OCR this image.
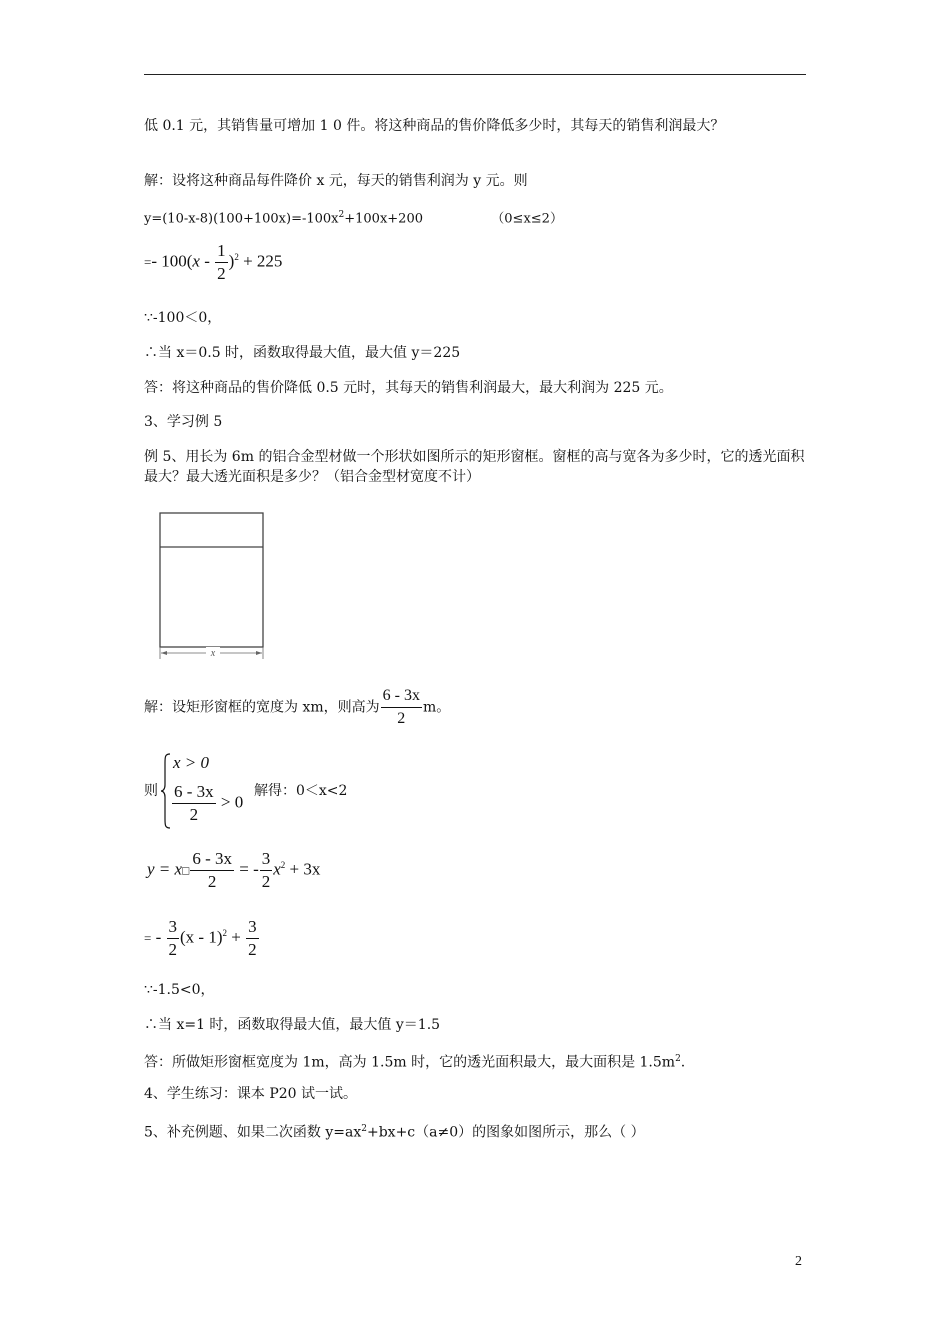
低 0.1 元，其销售量可增加 1 0 件。将这种商品的售价降低多少时，其每天的销售利润最大？
解：设将这种商品每件降价 x 元，每天的销售利润为 y 元。则
$y=(10-x-8)(100+100x)=-100x^2+100x+200$	（0≤x≤2）
=- $100(x - \frac{1}{2} )^2 + 225$
∵-100＜0，
∴当 x＝0.5 时，函数取得最大值，最大值 y＝225
答：将这种商品的售价降低 0.5 元时，其每天的销售利润最大，最大利润为 225 元。
3、学习例 5
例 5、用长为 6m 的铝合金型材做一个形状如图所示的矩形窗框。窗框的高与宽各为多少时，它的透光面积最大？最大透光面积是多少？（铝合金型材宽度不计）
x
解：设矩形窗框的宽度为 xm，则高为 $\frac{6 - 3x}{2}$ m。
则
x > 0
$\frac{6 - 3x}{2} > 0$
解得：0＜x<2
y = x□ $\frac{6 - 3x}{2}$ = - $\frac{3}{2} x^2 + 3x$
= - $\frac{3}{2} (x - 1)^2 + \frac{3}{2}$
∵-1.5<0，
∴当 x=1 时，函数取得最大值，最大值 y＝1.5
答：所做矩形窗框宽度为 1m，高为 1.5m 时，它的透光面积最大，最大面积是 $1.5m^2$.
4、学生练习：课本 P20 试一试。
5、补充例题、如果二次函数 $y=ax^2+bx+c(a\ne 0)$的图象如图所示，那么（ ）
2
